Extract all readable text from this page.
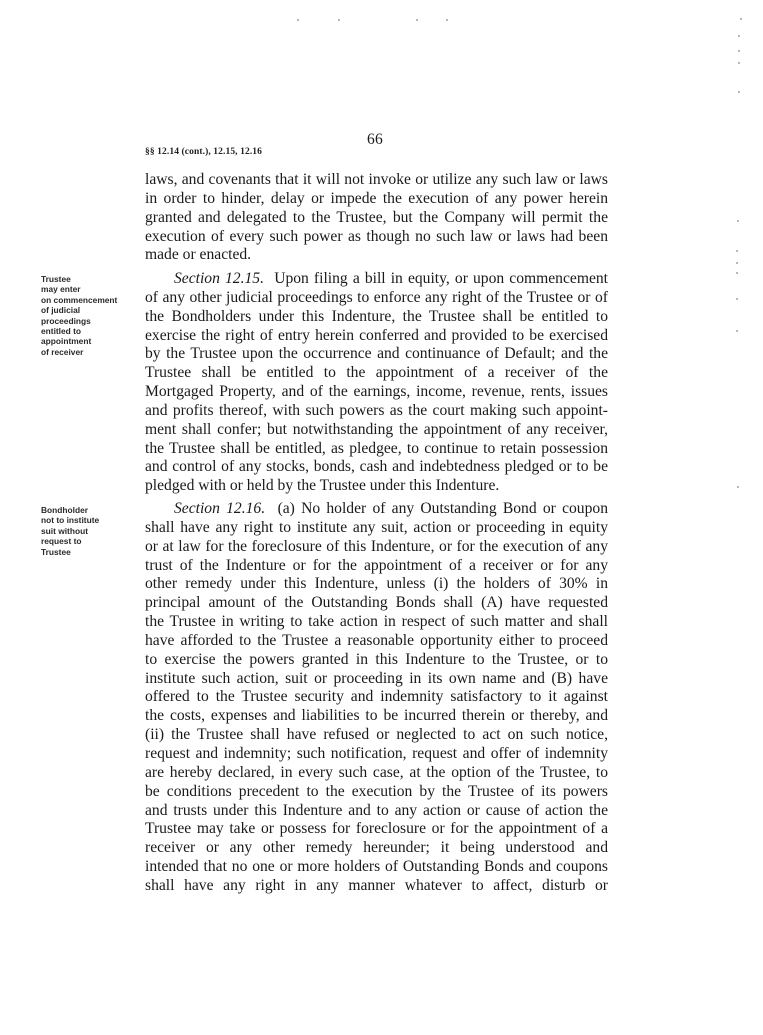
66
§§ 12.14 (cont.), 12.15, 12.16
laws, and covenants that it will not invoke or utilize any such law or laws
in order to hinder, delay or impede the execution of any power herein
granted and delegated to the Trustee, but the Company will permit the
execution of every such power as though no such law or laws had been
made or enacted.
Trustee
may enter
on commencement
of judicial
proceedings
entitled to
appointment
of receiver
Section 12.15. Upon filing a bill in equity, or upon commencement
of any other judicial proceedings to enforce any right of the Trustee or of
the Bondholders under this Indenture, the Trustee shall be entitled to
exercise the right of entry herein conferred and provided to be exercised
by the Trustee upon the occurrence and continuance of Default; and the
Trustee shall be entitled to the appointment of a receiver of the
Mortgaged Property, and of the earnings, income, revenue, rents, issues
and profits thereof, with such powers as the court making such appoint-
ment shall confer; but notwithstanding the appointment of any receiver,
the Trustee shall be entitled, as pledgee, to continue to retain possession
and control of any stocks, bonds, cash and indebtedness pledged or to be
pledged with or held by the Trustee under this Indenture.
Bondholder
not to institute
suit without
request to
Trustee
Section 12.16. (a) No holder of any Outstanding Bond or coupon
shall have any right to institute any suit, action or proceeding in equity
or at law for the foreclosure of this Indenture, or for the execution of any
trust of the Indenture or for the appointment of a receiver or for any
other remedy under this Indenture, unless (i) the holders of 30% in
principal amount of the Outstanding Bonds shall (A) have requested
the Trustee in writing to take action in respect of such matter and shall
have afforded to the Trustee a reasonable opportunity either to proceed
to exercise the powers granted in this Indenture to the Trustee, or to
institute such action, suit or proceeding in its own name and (B) have
offered to the Trustee security and indemnity satisfactory to it against
the costs, expenses and liabilities to be incurred therein or thereby, and
(ii) the Trustee shall have refused or neglected to act on such notice,
request and indemnity; such notification, request and offer of indemnity
are hereby declared, in every such case, at the option of the Trustee, to
be conditions precedent to the execution by the Trustee of its powers
and trusts under this Indenture and to any action or cause of action the
Trustee may take or possess for foreclosure or for the appointment of a
receiver or any other remedy hereunder; it being understood and
intended that no one or more holders of Outstanding Bonds and coupons
shall have any right in any manner whatever to affect, disturb or
